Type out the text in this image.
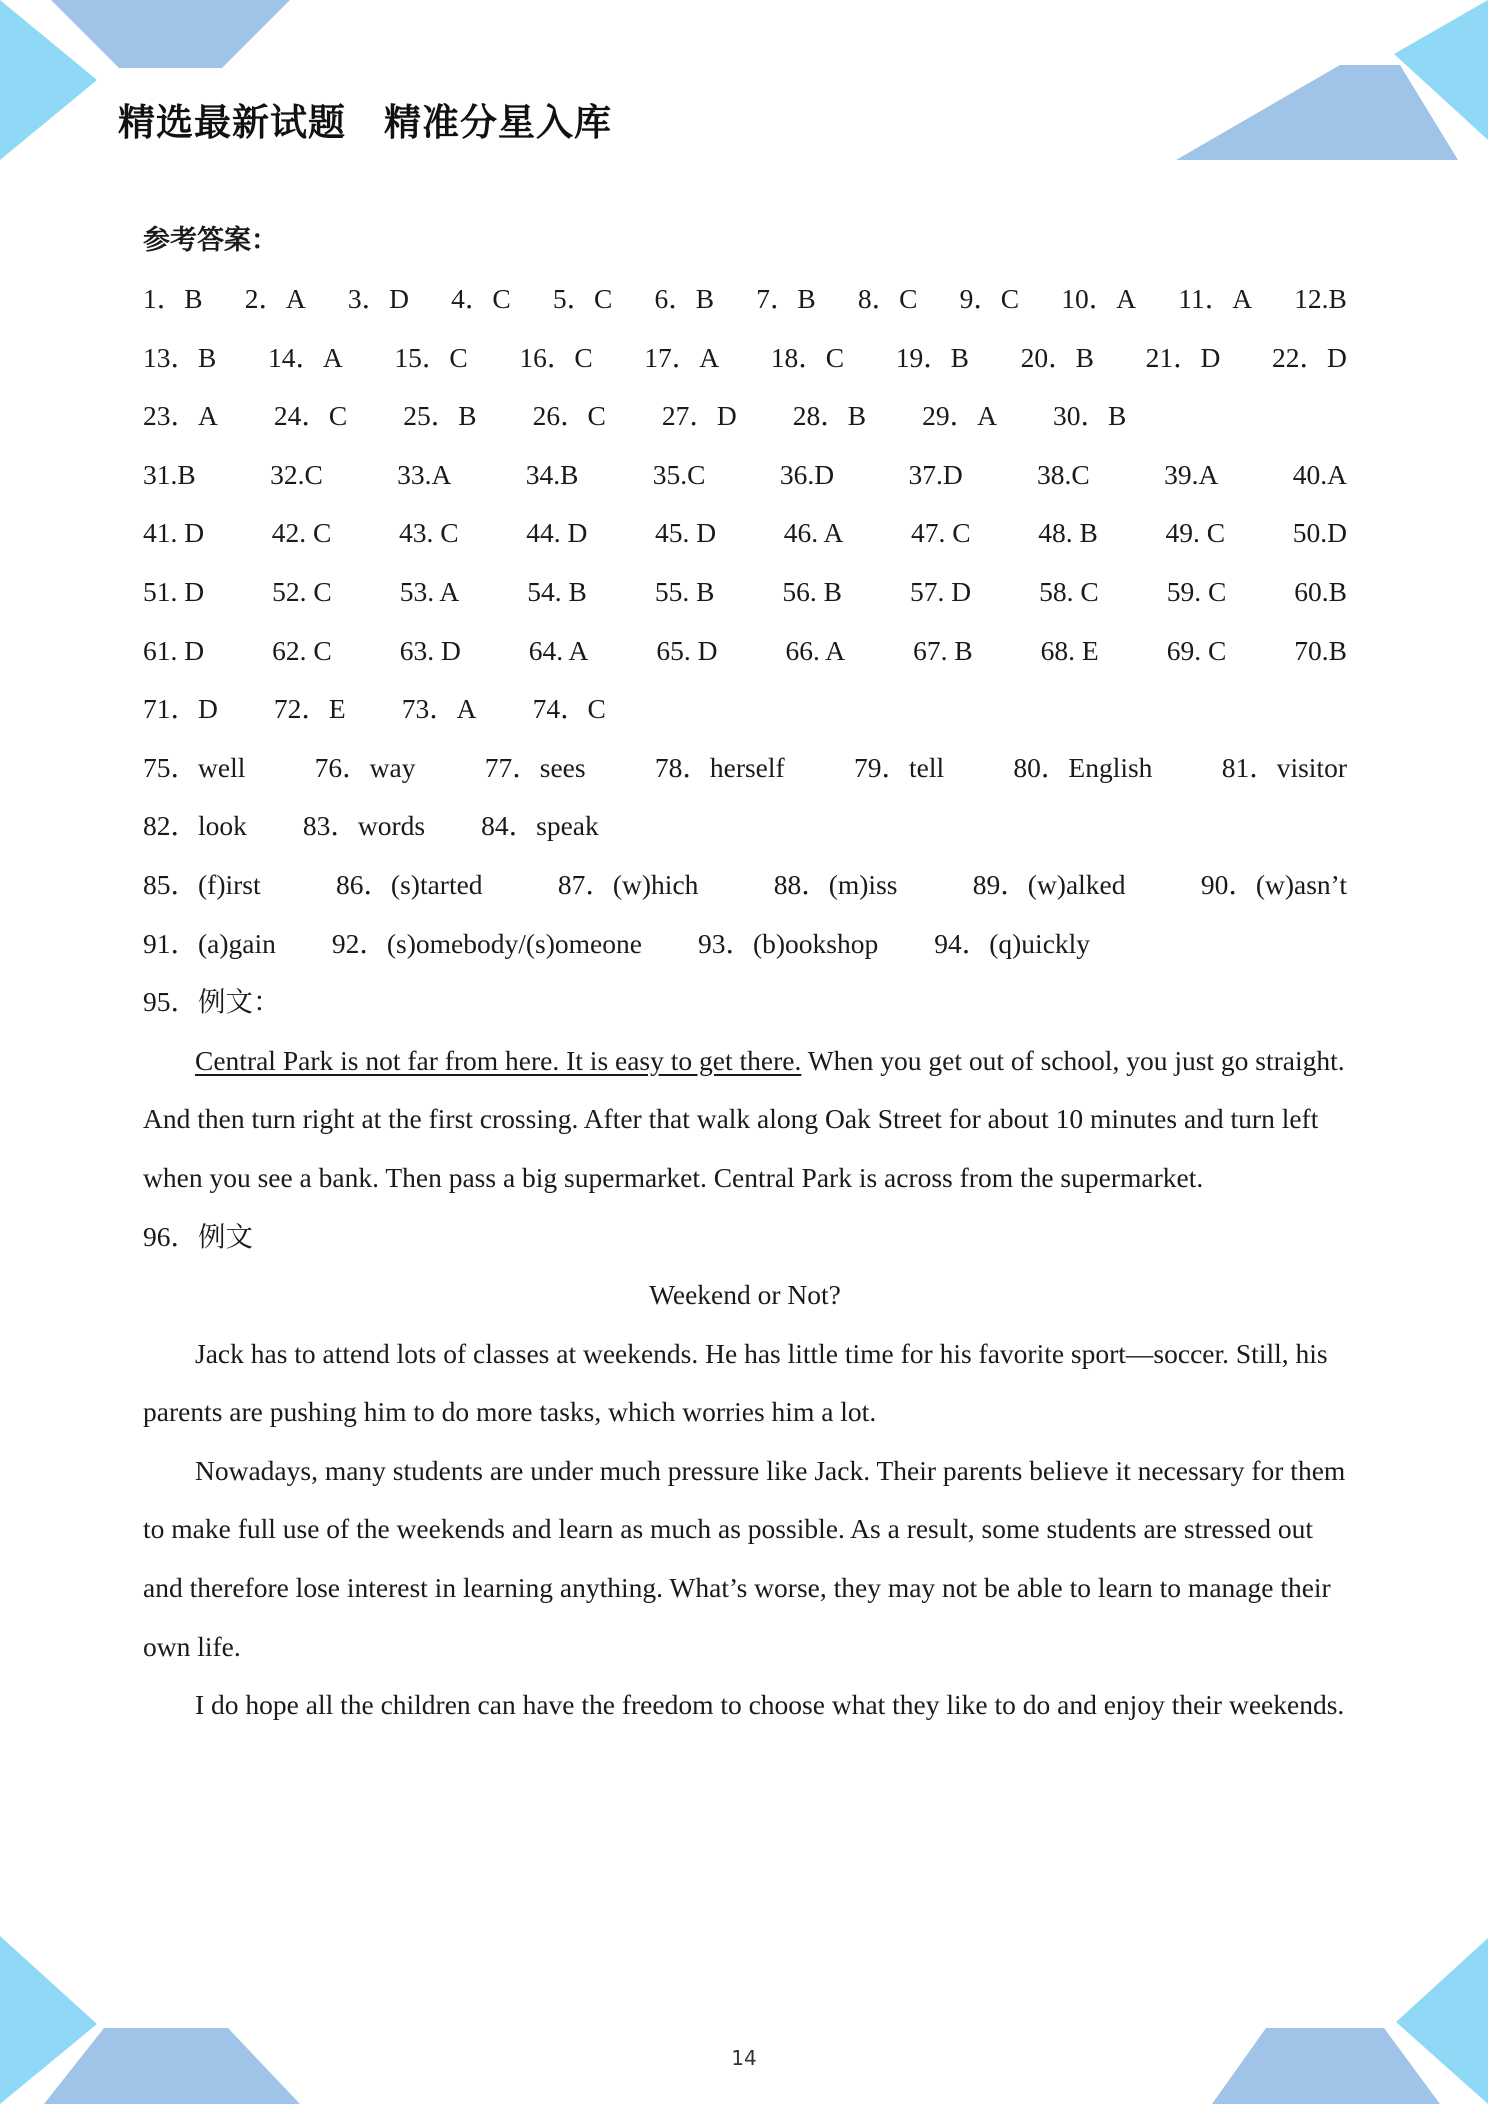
精选最新试题　精准分星入库
参考答案：
1．B 2．A 3．D 4．C 5．C 6．B 7．B 8．C 9．C 10．A 11．A 12.B
13．B 14．A 15．C 16．C 17．A 18．C 19．B 20．B 21．D 22．D
23．A 24．C 25．B 26．C 27．D 28．B 29．A 30．B
31.B	32.C	33.A	34.B	35.C	36.D	37.D	38.C	39.A	40.A
41. D 42. C 43. C 44. D 45. D 46. A 47. C 48. B 49. C 50.D
51. D 52. C 53. A 54. B 55. B 56. B 57. D 58. C 59. C 60.B
61. D 62. C 63. D 64. A 65. D 66. A 67. B 68. E 69. C 70.B
71．D 72．E 73．A 74．C
75．well	76．way	77．sees	78．herself	79．tell	80．English	81．visitor
82．look 83．words 84．speak
85．(f)irst	86．(s)tarted	87．(w)hich	88．(m)iss	89．(w)alked	90．(w)asn’t
91．(a)gain 92．(s)omebody/(s)omeone 93．(b)ookshop 94．(q)uickly
95．例文：

Central Park is not far from here. It is easy to get there. When you get out of school, you just go straight. And then turn right at the first crossing. After that walk along Oak Street for about 10 minutes and turn left when you see a bank. Then pass a big supermarket. Central Park is across from the supermarket.

96．例文
Weekend or Not?

Jack has to attend lots of classes at weekends. He has little time for his favorite sport—soccer. Still, his parents are pushing him to do more tasks, which worries him a lot.

Nowadays, many students are under much pressure like Jack. Their parents believe it necessary for them to make full use of the weekends and learn as much as possible. As a result, some students are stressed out and therefore lose interest in learning anything. What’s worse, they may not be able to learn to manage their own life.

I do hope all the children can have the freedom to choose what they like to do and enjoy their weekends.

14
